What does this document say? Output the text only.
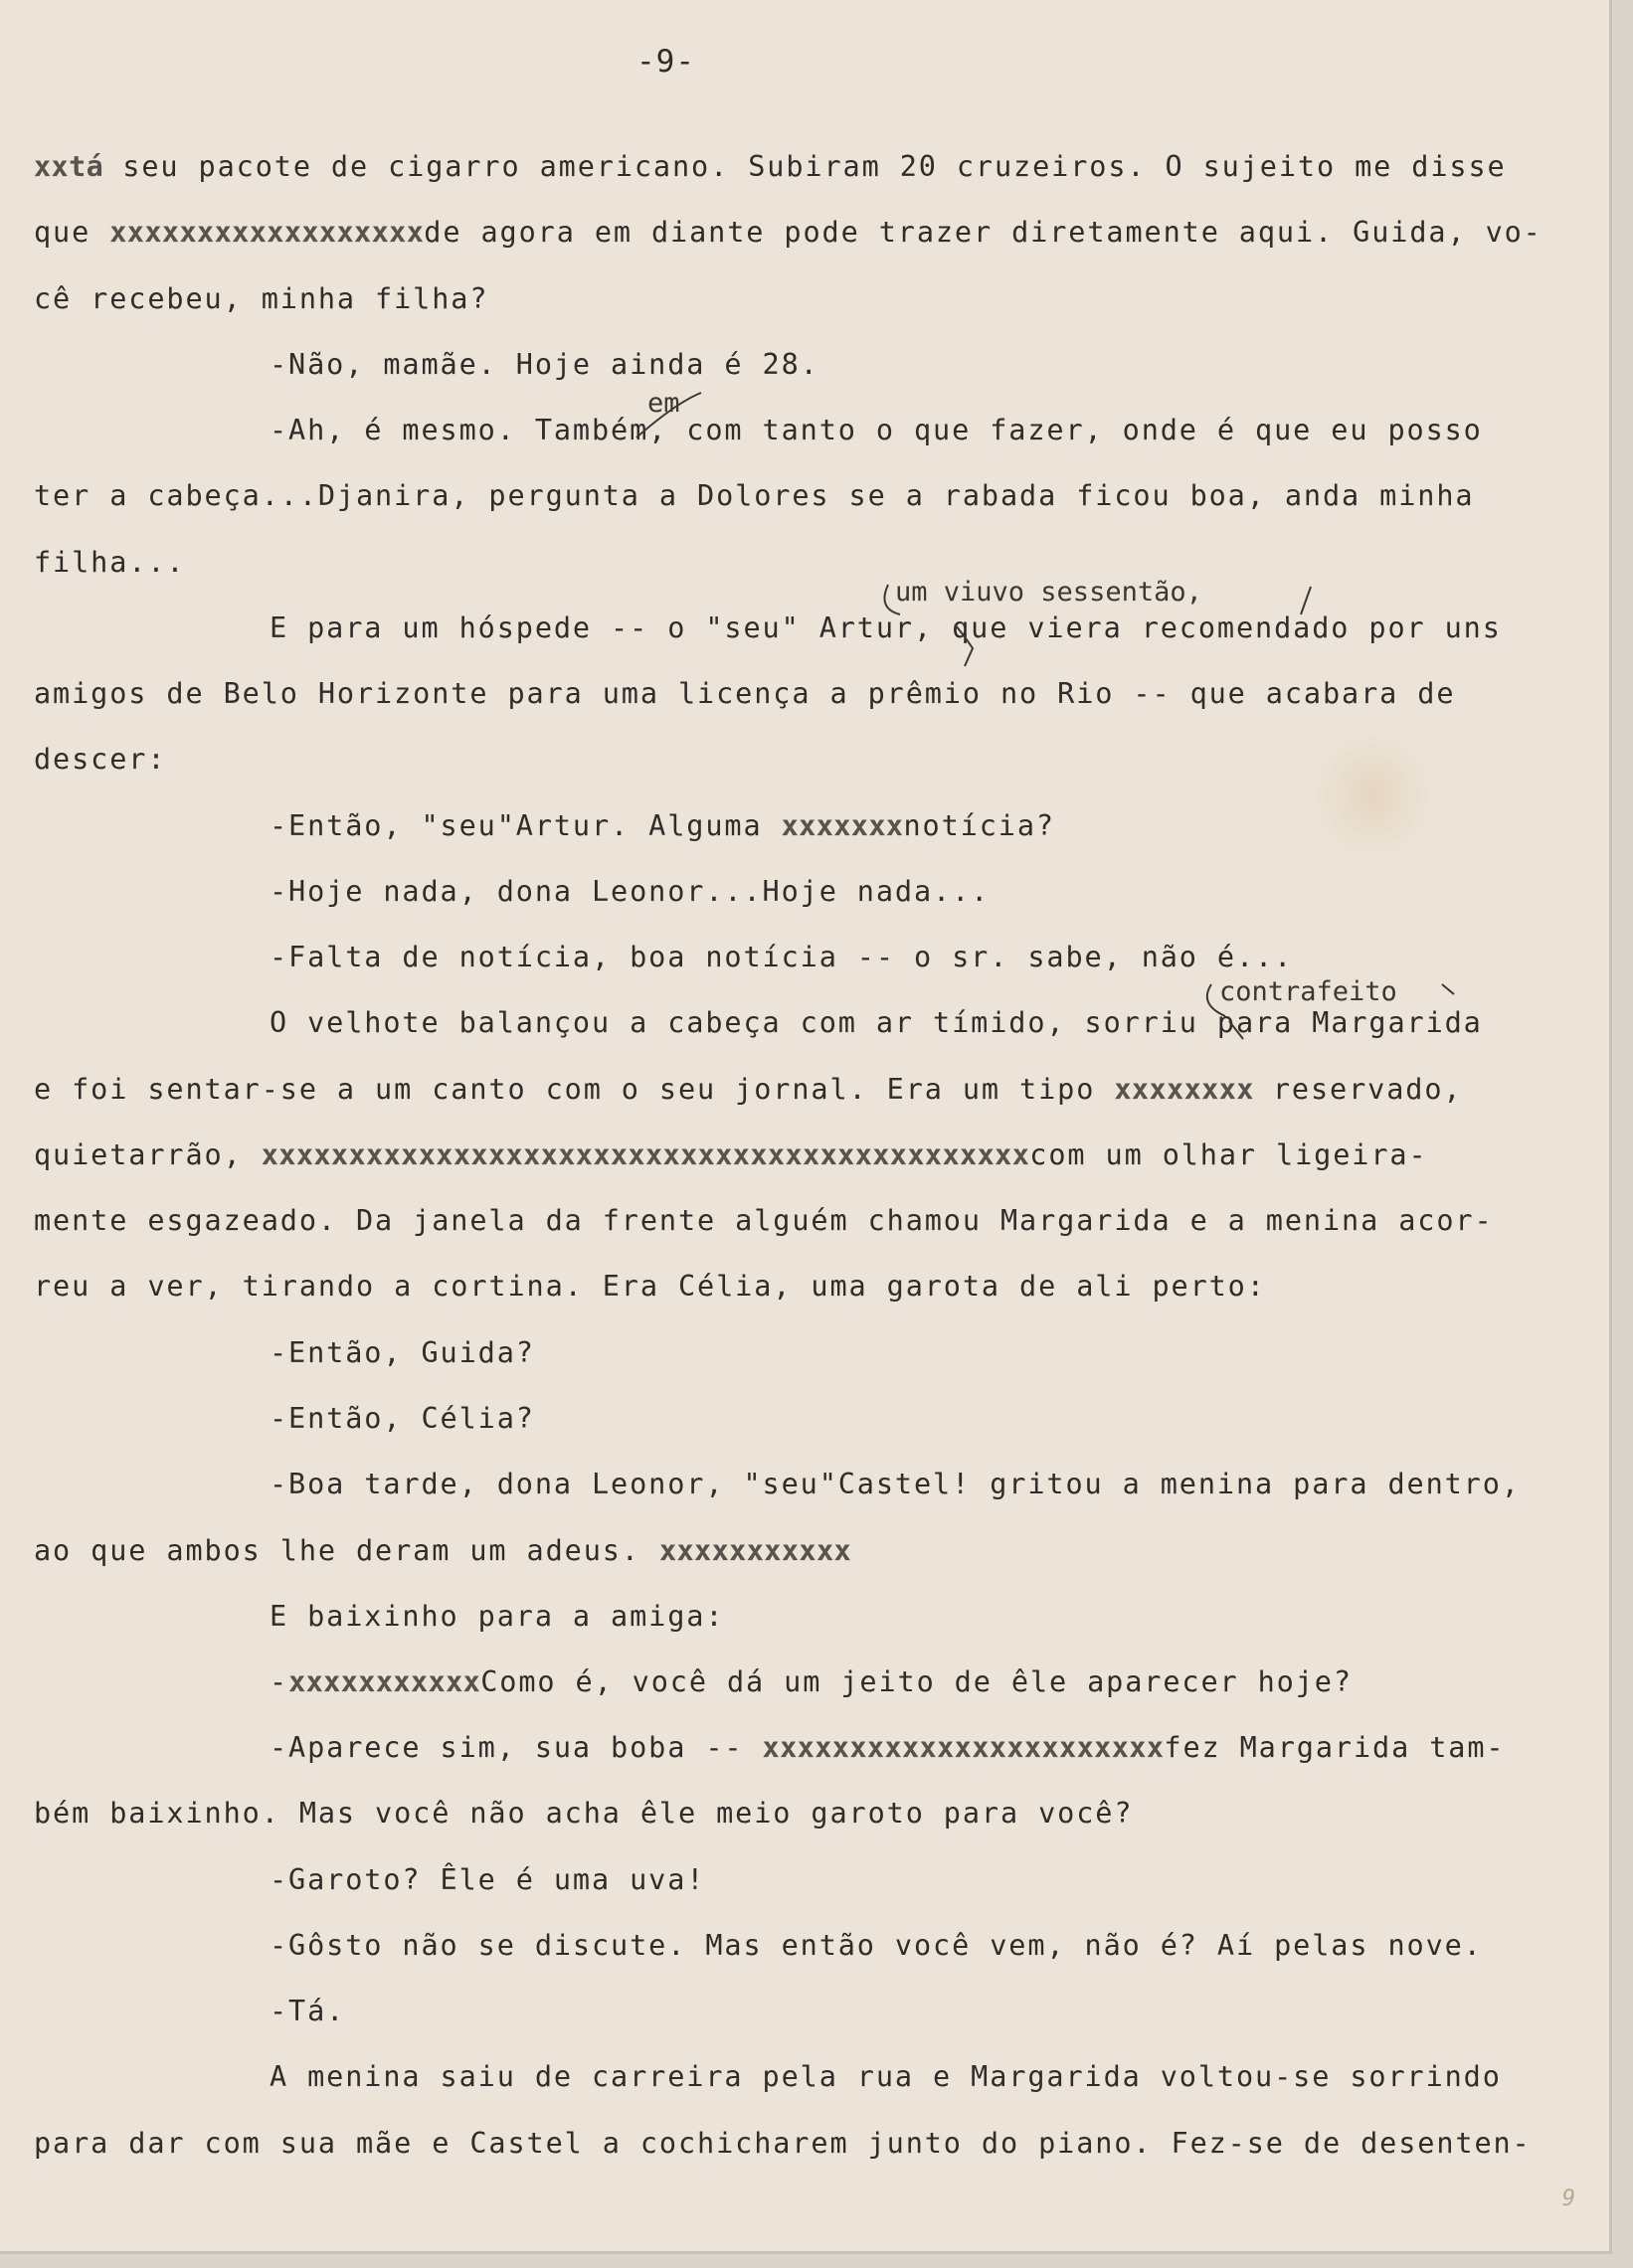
-9-
xxtá seu pacote de cigarro americano. Subiram 20 cruzeiros. O sujeito me disse
que xxxxxxxxxxxxxxxxxxde agora em diante pode trazer diretamente aqui. Guida, vo-
cê recebeu, minha filha?
-Não, mamãe. Hoje ainda é 28.
-Ah, é mesmo. Também, com tanto o que fazer, onde é que eu posso
ter a cabeça...Djanira, pergunta a Dolores se a rabada ficou boa, anda minha
filha...
E para um hóspede -- o "seu" Artur, que viera recomendado por uns
amigos de Belo Horizonte para uma licença a prêmio no Rio -- que acabara de
descer:
-Então, "seu"Artur. Alguma xxxxxxxnotícia?
-Hoje nada, dona Leonor...Hoje nada...
-Falta de notícia, boa notícia -- o sr. sabe, não é...
O velhote balançou a cabeça com ar tímido, sorriu para Margarida
e foi sentar-se a um canto com o seu jornal. Era um tipo xxxxxxxx reservado,
quietarrão, xxxxxxxxxxxxxxxxxxxxxxxxxxxxxxxxxxxxxxxxxxxxcom um olhar ligeira-
mente esgazeado. Da janela da frente alguém chamou Margarida e a menina acor-
reu a ver, tirando a cortina. Era Célia, uma garota de ali perto:
-Então, Guida?
-Então, Célia?
-Boa tarde, dona Leonor, "seu"Castel! gritou a menina para dentro,
ao que ambos lhe deram um adeus. xxxxxxxxxxx
E baixinho para a amiga:
-xxxxxxxxxxxComo é, você dá um jeito de êle aparecer hoje?
-Aparece sim, sua boba -- xxxxxxxxxxxxxxxxxxxxxxxfez Margarida tam-
bém baixinho. Mas você não acha êle meio garoto para você?
-Garoto? Êle é uma uva!
-Gôsto não se discute. Mas então você vem, não é? Aí pelas nove.
-Tá.
A menina saiu de carreira pela rua e Margarida voltou-se sorrindo
para dar com sua mãe e Castel a cochicharem junto do piano. Fez-se de desenten-
em
um viuvo sessentão,
contrafeito
9
